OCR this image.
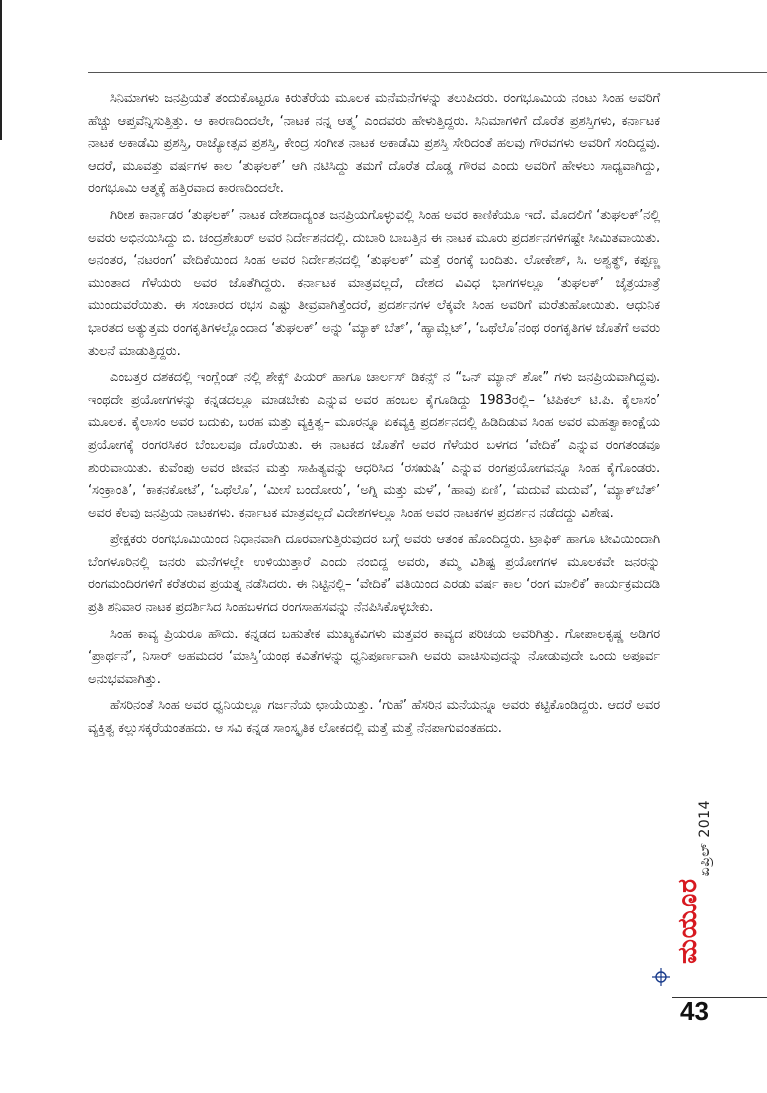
ಸಿನಿಮಾಗಳು ಜನಪ್ರಿಯತೆ ತಂದುಕೊಟ್ಟರೂ ಕಿರುತೆರೆಯ ಮೂಲಕ ಮನೆಮನೆಗಳನ್ನು ತಲುಪಿದರು. ರಂಗಭೂಮಿಯ ನಂಟು ಸಿಂಹ ಅವರಿಗೆ ಹೆಚ್ಚು ಆಪ್ತವೆನ್ನಿಸುತ್ತಿತ್ತು. ಆ ಕಾರಣದಿಂದಲೇ, ‘ನಾಟಕ ನನ್ನ ಆತ್ಮ’ ಎಂದವರು ಹೇಳುತ್ತಿದ್ದರು. ಸಿನಿಮಾಗಳಿಗೆ ದೊರೆತ ಪ್ರಶಸ್ತಿಗಳು, ಕರ್ನಾಟಕ ನಾಟಕ ಅಕಾಡೆಮಿ ಪ್ರಶಸ್ತಿ, ರಾಜ್ಯೋತ್ಸವ ಪ್ರಶಸ್ತಿ, ಕೇಂದ್ರ ಸಂಗೀತ ನಾಟಕ ಅಕಾಡೆಮಿ ಪ್ರಶಸ್ತಿ ಸೇರಿದಂತೆ ಹಲವು ಗೌರವಗಳು ಅವರಿಗೆ ಸಂದಿದ್ದವು. ಆದರೆ, ಮೂವತ್ತು ವರ್ಷಗಳ ಕಾಲ ‘ತುಘಲಕ್’ ಆಗಿ ನಟಿಸಿದ್ದು ತಮಗೆ ದೊರೆತ ದೊಡ್ಡ ಗೌರವ ಎಂದು ಅವರಿಗೆ ಹೇಳಲು ಸಾಧ್ಯವಾಗಿದ್ದು, ರಂಗಭೂಮಿ ಆತ್ಮಕ್ಕೆ ಹತ್ತಿರವಾದ ಕಾರಣದಿಂದಲೇ.

ಗಿರೀಶ ಕಾರ್ನಾಡರ ‘ತುಘಲಕ್’ ನಾಟಕ ದೇಶದಾದ್ಯಂತ ಜನಪ್ರಿಯಗೊಳ್ಳುವಲ್ಲಿ ಸಿಂಹ ಅವರ ಕಾಣಿಕೆಯೂ ಇದೆ. ಮೊದಲಿಗೆ ‘ತುಘಲಕ್’ನಲ್ಲಿ ಅವರು ಅಭಿನಯಿಸಿದ್ದು ಬಿ. ಚಂದ್ರಶೇಖರ್ ಅವರ ನಿರ್ದೇಶನದಲ್ಲಿ. ದುಬಾರಿ ಬಾಬತ್ತಿನ ಈ ನಾಟಕ ಮೂರು ಪ್ರದರ್ಶನಗಳಿಗಷ್ಟೇ ಸೀಮಿತವಾಯಿತು. ಅನಂತರ, ‘ನಟರಂಗ’ ವೇದಿಕೆಯಿಂದ ಸಿಂಹ ಅವರ ನಿರ್ದೇಶನದಲ್ಲಿ ‘ತುಘಲಕ್’ ಮತ್ತೆ ರಂಗಕ್ಕೆ ಬಂದಿತು. ಲೋಕೇಶ್, ಸಿ. ಅಶ್ವತ್ಥ್, ಕಪ್ಪಣ್ಣ ಮುಂತಾದ ಗೆಳೆಯರು ಅವರ ಜೊತೆಗಿದ್ದರು. ಕರ್ನಾಟಕ ಮಾತ್ರವಲ್ಲದೆ, ದೇಶದ ವಿವಿಧ ಭಾಗಗಳಲ್ಲೂ ‘ತುಘಲಕ್’ ಜೈತ್ರಯಾತ್ರೆ ಮುಂದುವರೆಯಿತು. ಈ ಸಂಚಾರದ ರಭಸ ಎಷ್ಟು ತೀವ್ರವಾಗಿತ್ತೆಂದರೆ, ಪ್ರದರ್ಶನಗಳ ಲೆಕ್ಕವೇ ಸಿಂಹ ಅವರಿಗೆ ಮರೆತುಹೋಯಿತು. ಆಧುನಿಕ ಭಾರತದ ಅತ್ಯುತ್ತಮ ರಂಗಕೃತಿಗಳಲ್ಲೊಂದಾದ ‘ತುಘಲಕ್’ ಅನ್ನು ‘ಮ್ಯಾಕ್ ಬೆತ್’, ‘ಹ್ಯಾಮ್ಲೆಟ್’, ‘ಒಥೆಲೊ’ನಂಥ ರಂಗಕೃತಿಗಳ ಜೊತೆಗೆ ಅವರು ತುಲನೆ ಮಾಡುತ್ತಿದ್ದರು.

ಎಂಬತ್ತರ ದಶಕದಲ್ಲಿ ಇಂಗ್ಲೆಂಡ್ ನಲ್ಲಿ ಶೇಕ್ಸ್ ಪಿಯರ್ ಹಾಗೂ ಚಾರ್ಲಸ್ ಡಿಕನ್ಸ್ ನ “ಒನ್ ಮ್ಯಾನ್ ಶೋ” ಗಳು ಜನಪ್ರಿಯವಾಗಿದ್ದವು. ಇಂಥದೇ ಪ್ರಯೋಗಗಳನ್ನು ಕನ್ನಡದಲ್ಲೂ ಮಾಡಬೇಕು ಎನ್ನುವ ಅವರ ಹಂಬಲ ಕೈಗೂಡಿದ್ದು 1983ರಲ್ಲಿ– ‘ಟಿಪಿಕಲ್ ಟಿ.ಪಿ. ಕೈಲಾಸಂ’ ಮೂಲಕ. ಕೈಲಾಸಂ ಅವರ ಬದುಕು, ಬರಹ ಮತ್ತು ವ್ಯಕ್ತಿತ್ವ– ಮೂರನ್ನೂ ಏಕವ್ಯಕ್ತಿ ಪ್ರದರ್ಶನದಲ್ಲಿ ಹಿಡಿದಿಡುವ ಸಿಂಹ ಅವರ ಮಹತ್ವಾಕಾಂಕ್ಷೆಯ ಪ್ರಯೋಗಕ್ಕೆ ರಂಗರಸಿಕರ ಬೆಂಬಲವೂ ದೊರೆಯಿತು. ಈ ನಾಟಕದ ಜೊತೆಗೆ ಅವರ ಗೆಳೆಯರ ಬಳಗದ ‘ವೇದಿಕೆ’ ಎನ್ನುವ ರಂಗತಂಡವೂ ಶುರುವಾಯಿತು. ಕುವೆಂಪು ಅವರ ಜೀವನ ಮತ್ತು ಸಾಹಿತ್ಯವನ್ನು ಆಧರಿಸಿದ ‘ರಸಋಷಿ’ ಎನ್ನುವ ರಂಗಪ್ರಯೋಗವನ್ನೂ ಸಿಂಹ ಕೈಗೊಂಡರು. ‘ಸಂಕ್ರಾಂತಿ’, ‘ಕಾಕನಕೋಟೆ’, ‘ಒಥೆಲೊ’, ‘ಮೀಸೆ ಬಂದೋರು’, ‘ಅಗ್ನಿ ಮತ್ತು ಮಳೆ’, ‘ಹಾವು ಏಣಿ’, ‘ಮದುವೆ ಮದುವೆ’, ‘ಮ್ಯಾಕ್‌ಬೆತ್’ ಅವರ ಕೆಲವು ಜನಪ್ರಿಯ ನಾಟಕಗಳು. ಕರ್ನಾಟಕ ಮಾತ್ರವಲ್ಲದೆ ವಿದೇಶಗಳಲ್ಲೂ ಸಿಂಹ ಅವರ ನಾಟಕಗಳ ಪ್ರದರ್ಶನ ನಡೆದದ್ದು ವಿಶೇಷ.

ಪ್ರೇಕ್ಷಕರು ರಂಗಭೂಮಿಯಿಂದ ನಿಧಾನವಾಗಿ ದೂರವಾಗುತ್ತಿರುವುದರ ಬಗ್ಗೆ ಅವರು ಆತಂಕ ಹೊಂದಿದ್ದರು. ಟ್ರಾಫಿಕ್ ಹಾಗೂ ಟೀವಿಯಿಂದಾಗಿ ಬೆಂಗಳೂರಿನಲ್ಲಿ ಜನರು ಮನೆಗಳಲ್ಲೇ ಉಳಿಯುತ್ತಾರೆ ಎಂದು ನಂಬಿದ್ದ ಅವರು, ತಮ್ಮ ವಿಶಿಷ್ಟ ಪ್ರಯೋಗಗಳ ಮೂಲಕವೇ ಜನರನ್ನು ರಂಗಮಂದಿರಗಳಿಗೆ ಕರೆತರುವ ಪ್ರಯತ್ನ ನಡೆಸಿದರು. ಈ ನಿಟ್ಟಿನಲ್ಲಿ– ‘ವೇದಿಕೆ’ ವತಿಯಿಂದ ಎರಡು ವರ್ಷ ಕಾಲ ‘ರಂಗ ಮಾಲಿಕೆ’ ಕಾರ್ಯಕ್ರಮದಡಿ ಪ್ರತಿ ಶನಿವಾರ ನಾಟಕ ಪ್ರದರ್ಶಿಸಿದ ಸಿಂಹಬಳಗದ ರಂಗಸಾಹಸವನ್ನು ನೆನಪಿಸಿಕೊಳ್ಳಬೇಕು.

ಸಿಂಹ ಕಾವ್ಯ ಪ್ರಿಯರೂ ಹೌದು. ಕನ್ನಡದ ಬಹುತೇಕ ಮುಖ್ಯಕವಿಗಳು ಮತ್ತವರ ಕಾವ್ಯದ ಪರಿಚಯ ಅವರಿಗಿತ್ತು. ಗೋಪಾಲಕೃಷ್ಣ ಅಡಿಗರ ‘ಪ್ರಾರ್ಥನೆ’, ನಿಸಾರ್ ಅಹಮದರ ‘ಮಾಸ್ತಿ’ಯಂಥ ಕವಿತೆಗಳನ್ನು ಧ್ವನಿಪೂರ್ಣವಾಗಿ ಅವರು ವಾಚಿಸುವುದನ್ನು ನೋಡುವುದೇ ಒಂದು ಅಪೂರ್ವ ಅನುಭವವಾಗಿತ್ತು.

ಹೆಸರಿನಂತೆ ಸಿಂಹ ಅವರ ಧ್ವನಿಯಲ್ಲೂ ಗರ್ಜನೆಯ ಛಾಯೆಯಿತ್ತು. ‘ಗುಹೆ’ ಹೆಸರಿನ ಮನೆಯನ್ನೂ ಅವರು ಕಟ್ಟಿಕೊಂಡಿದ್ದರು. ಆದರೆ ಅವರ ವ್ಯಕ್ತಿತ್ವ ಕಲ್ಲುಸಕ್ಕರೆಯಂತಹದು. ಆ ಸವಿ ಕನ್ನಡ ಸಾಂಸ್ಕೃತಿಕ ಲೋಕದಲ್ಲಿ ಮತ್ತೆ ಮತ್ತೆ ನೆನಪಾಗುವಂತಹದು.

ಏಪ್ರಿಲ್ 2014
ಮಯೂರ
43
